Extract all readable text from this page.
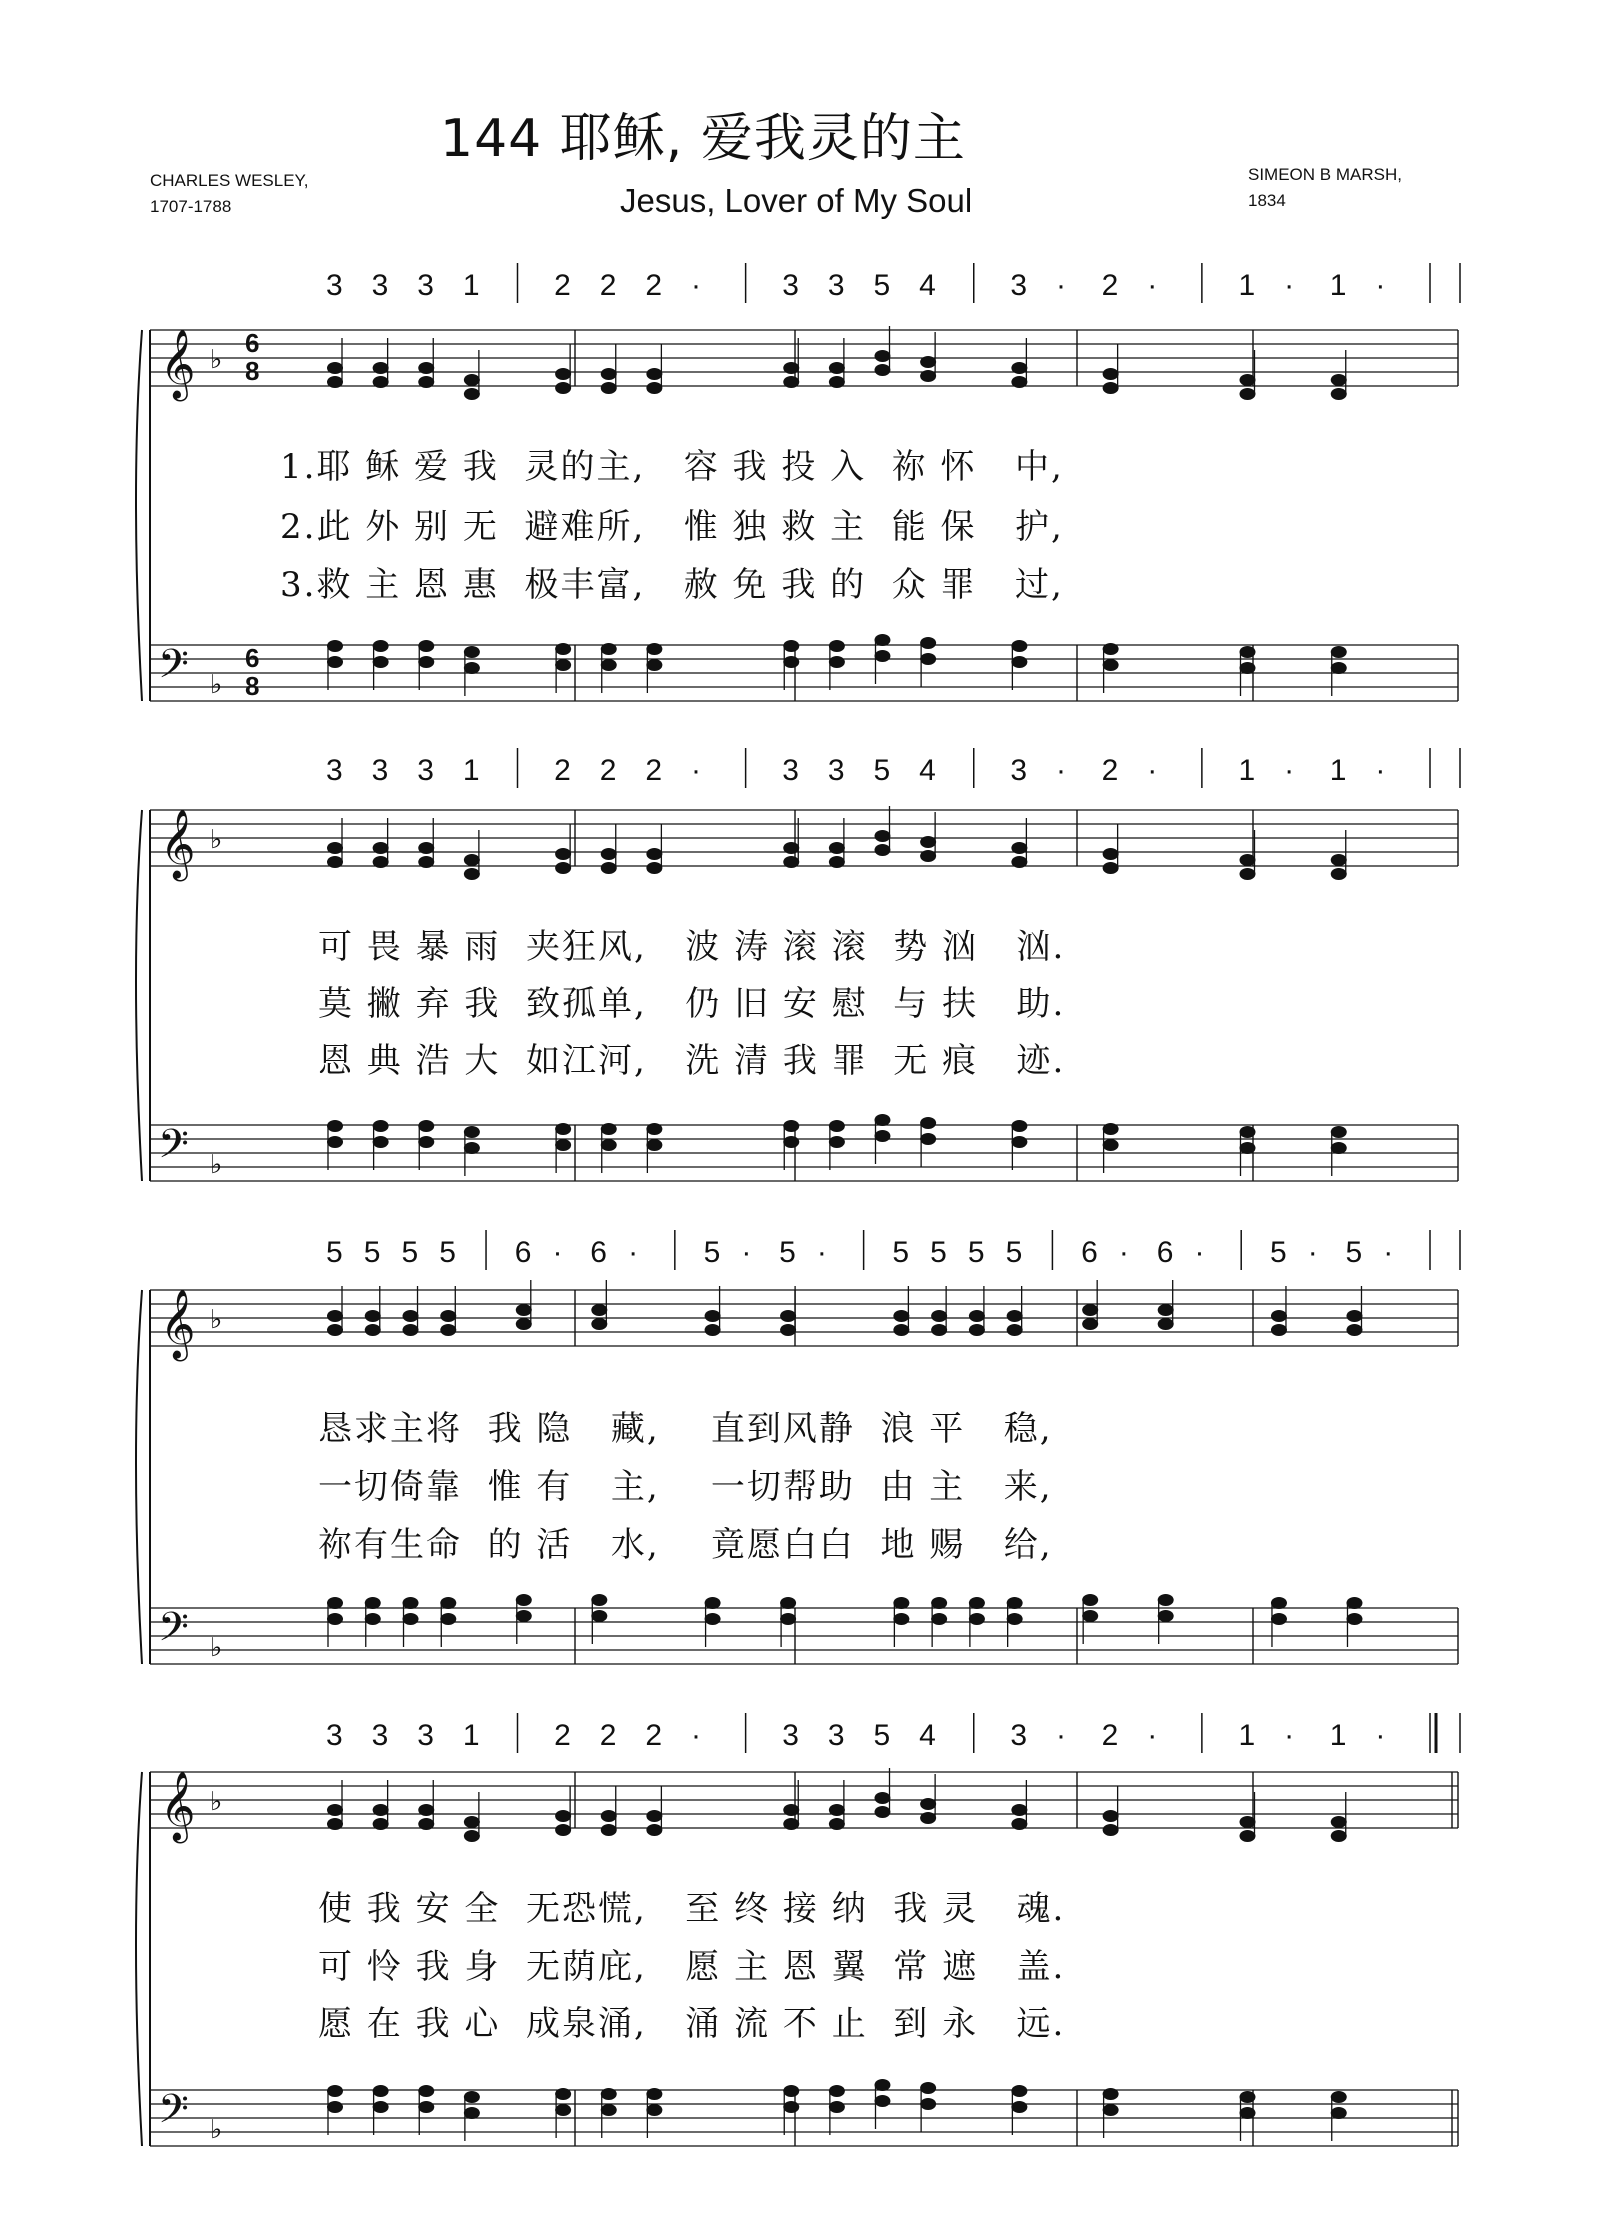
144 耶稣, 爱我灵的主
Jesus, Lover of My Soul
CHARLES WESLEY,
1707-1788
SIMEON B MARSH,
1834
3 3 3 1 2 2 2 ·	3 3 5 4 3 · 2 ·	1 · 1 ·
𝄞
𝄢
♭
♭
6
8
6
8
1.耶 稣 爱 我  灵的主,   容 我 投 入  祢 怀   中,
2.此 外 别 无  避难所,   惟 独 救 主  能 保   护,
3.救 主 恩 惠  极丰富,   赦 免 我 的  众 罪   过,
3 3 3 1 2 2 2 ·	3 3 5 4 3 · 2 ·	1 · 1 ·
𝄞
𝄢
♭
♭
可 畏 暴 雨  夹狂风,   波 涛 滚 滚  势 汹   汹.
莫 撇 弃 我  致孤单,   仍 旧 安 慰  与 扶   助.
恩 典 浩 大  如江河,   洗 清 我 罪  无 痕   迹.
5 5 5 5 6 · 6 · 5 · 5 · 5 5 5 5 6 · 6 · 5 · 5 ·
𝄞
𝄢
♭
♭
恳求主将  我 隐   藏,    直到风静  浪 平   稳,
一切倚靠  惟 有   主,    一切帮助  由 主   来,
祢有生命  的 活   水,    竟愿白白  地 赐   给,
3 3 3 1 2 2 2 ·	3 3 5 4 3 · 2 ·	1 · 1 ·
𝄞
𝄢
♭
♭
使 我 安 全  无恐慌,   至 终 接 纳  我 灵   魂.
可 怜 我 身  无荫庇,   愿 主 恩 翼  常 遮   盖.
愿 在 我 心  成泉涌,   涌 流 不 止  到 永   远.
